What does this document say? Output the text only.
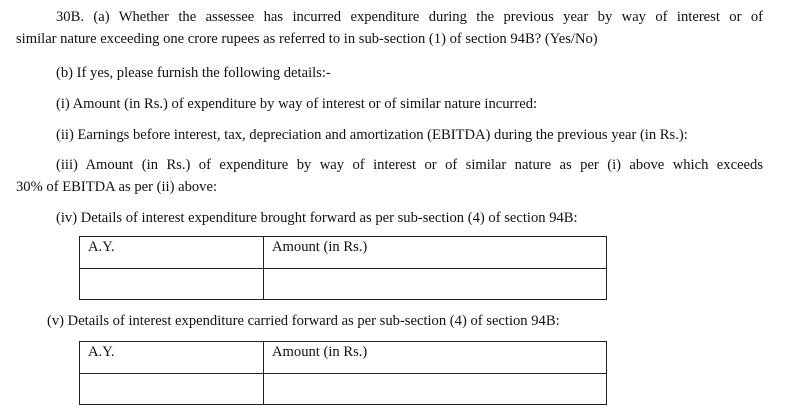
30B. (a) Whether the assessee has incurred expenditure during the previous year by way of interest or of
similar nature exceeding one crore rupees as referred to in sub-section (1) of section 94B? (Yes/No)
(b) If yes, please furnish the following details:-
(i) Amount (in Rs.) of expenditure by way of interest or of similar nature incurred:
(ii) Earnings before interest, tax, depreciation and amortization (EBITDA) during the previous year (in Rs.):
(iii) Amount (in Rs.) of expenditure by way of interest or of similar nature as per (i) above which exceeds
30% of EBITDA as per (ii) above:
(iv) Details of interest expenditure brought forward as per sub-section (4) of section 94B:
A.Y.	Amount (in Rs.)

(v) Details of interest expenditure carried forward as per sub-section (4) of section 94B:
A.Y.	Amount (in Rs.)
